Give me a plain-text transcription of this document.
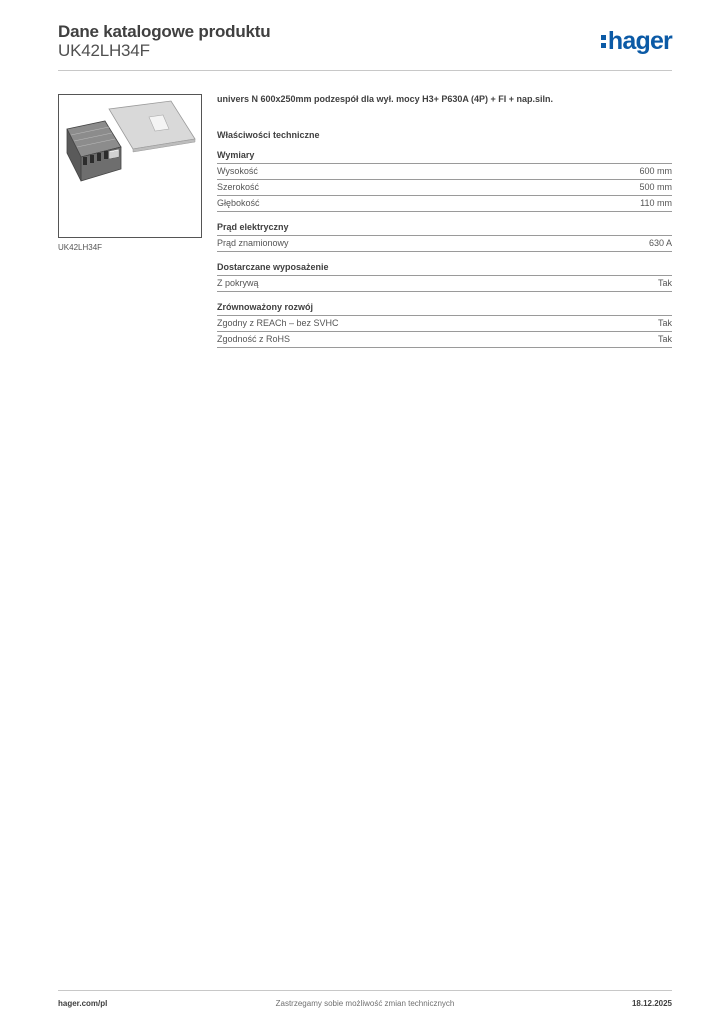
Dane katalogowe produktu
UK42LH34F	hager
UK42LH34F
univers N 600x250mm podzespół dla wył. mocy H3+ P630A (4P) + FI + nap.siln.
Właściwości techniczne
Wymiary
Wysokość	600 mm
Szerokość	500 mm
Głębokość	110 mm
Prąd elektryczny
Prąd znamionowy	630 A
Dostarczane wyposażenie
Z pokrywą	Tak
Zrównoważony rozwój
Zgodny z REACh – bez SVHC	Tak
Zgodność z RoHS	Tak
hager.com/pl	Zastrzegamy sobie możliwość zmian technicznych	18.12.2025
